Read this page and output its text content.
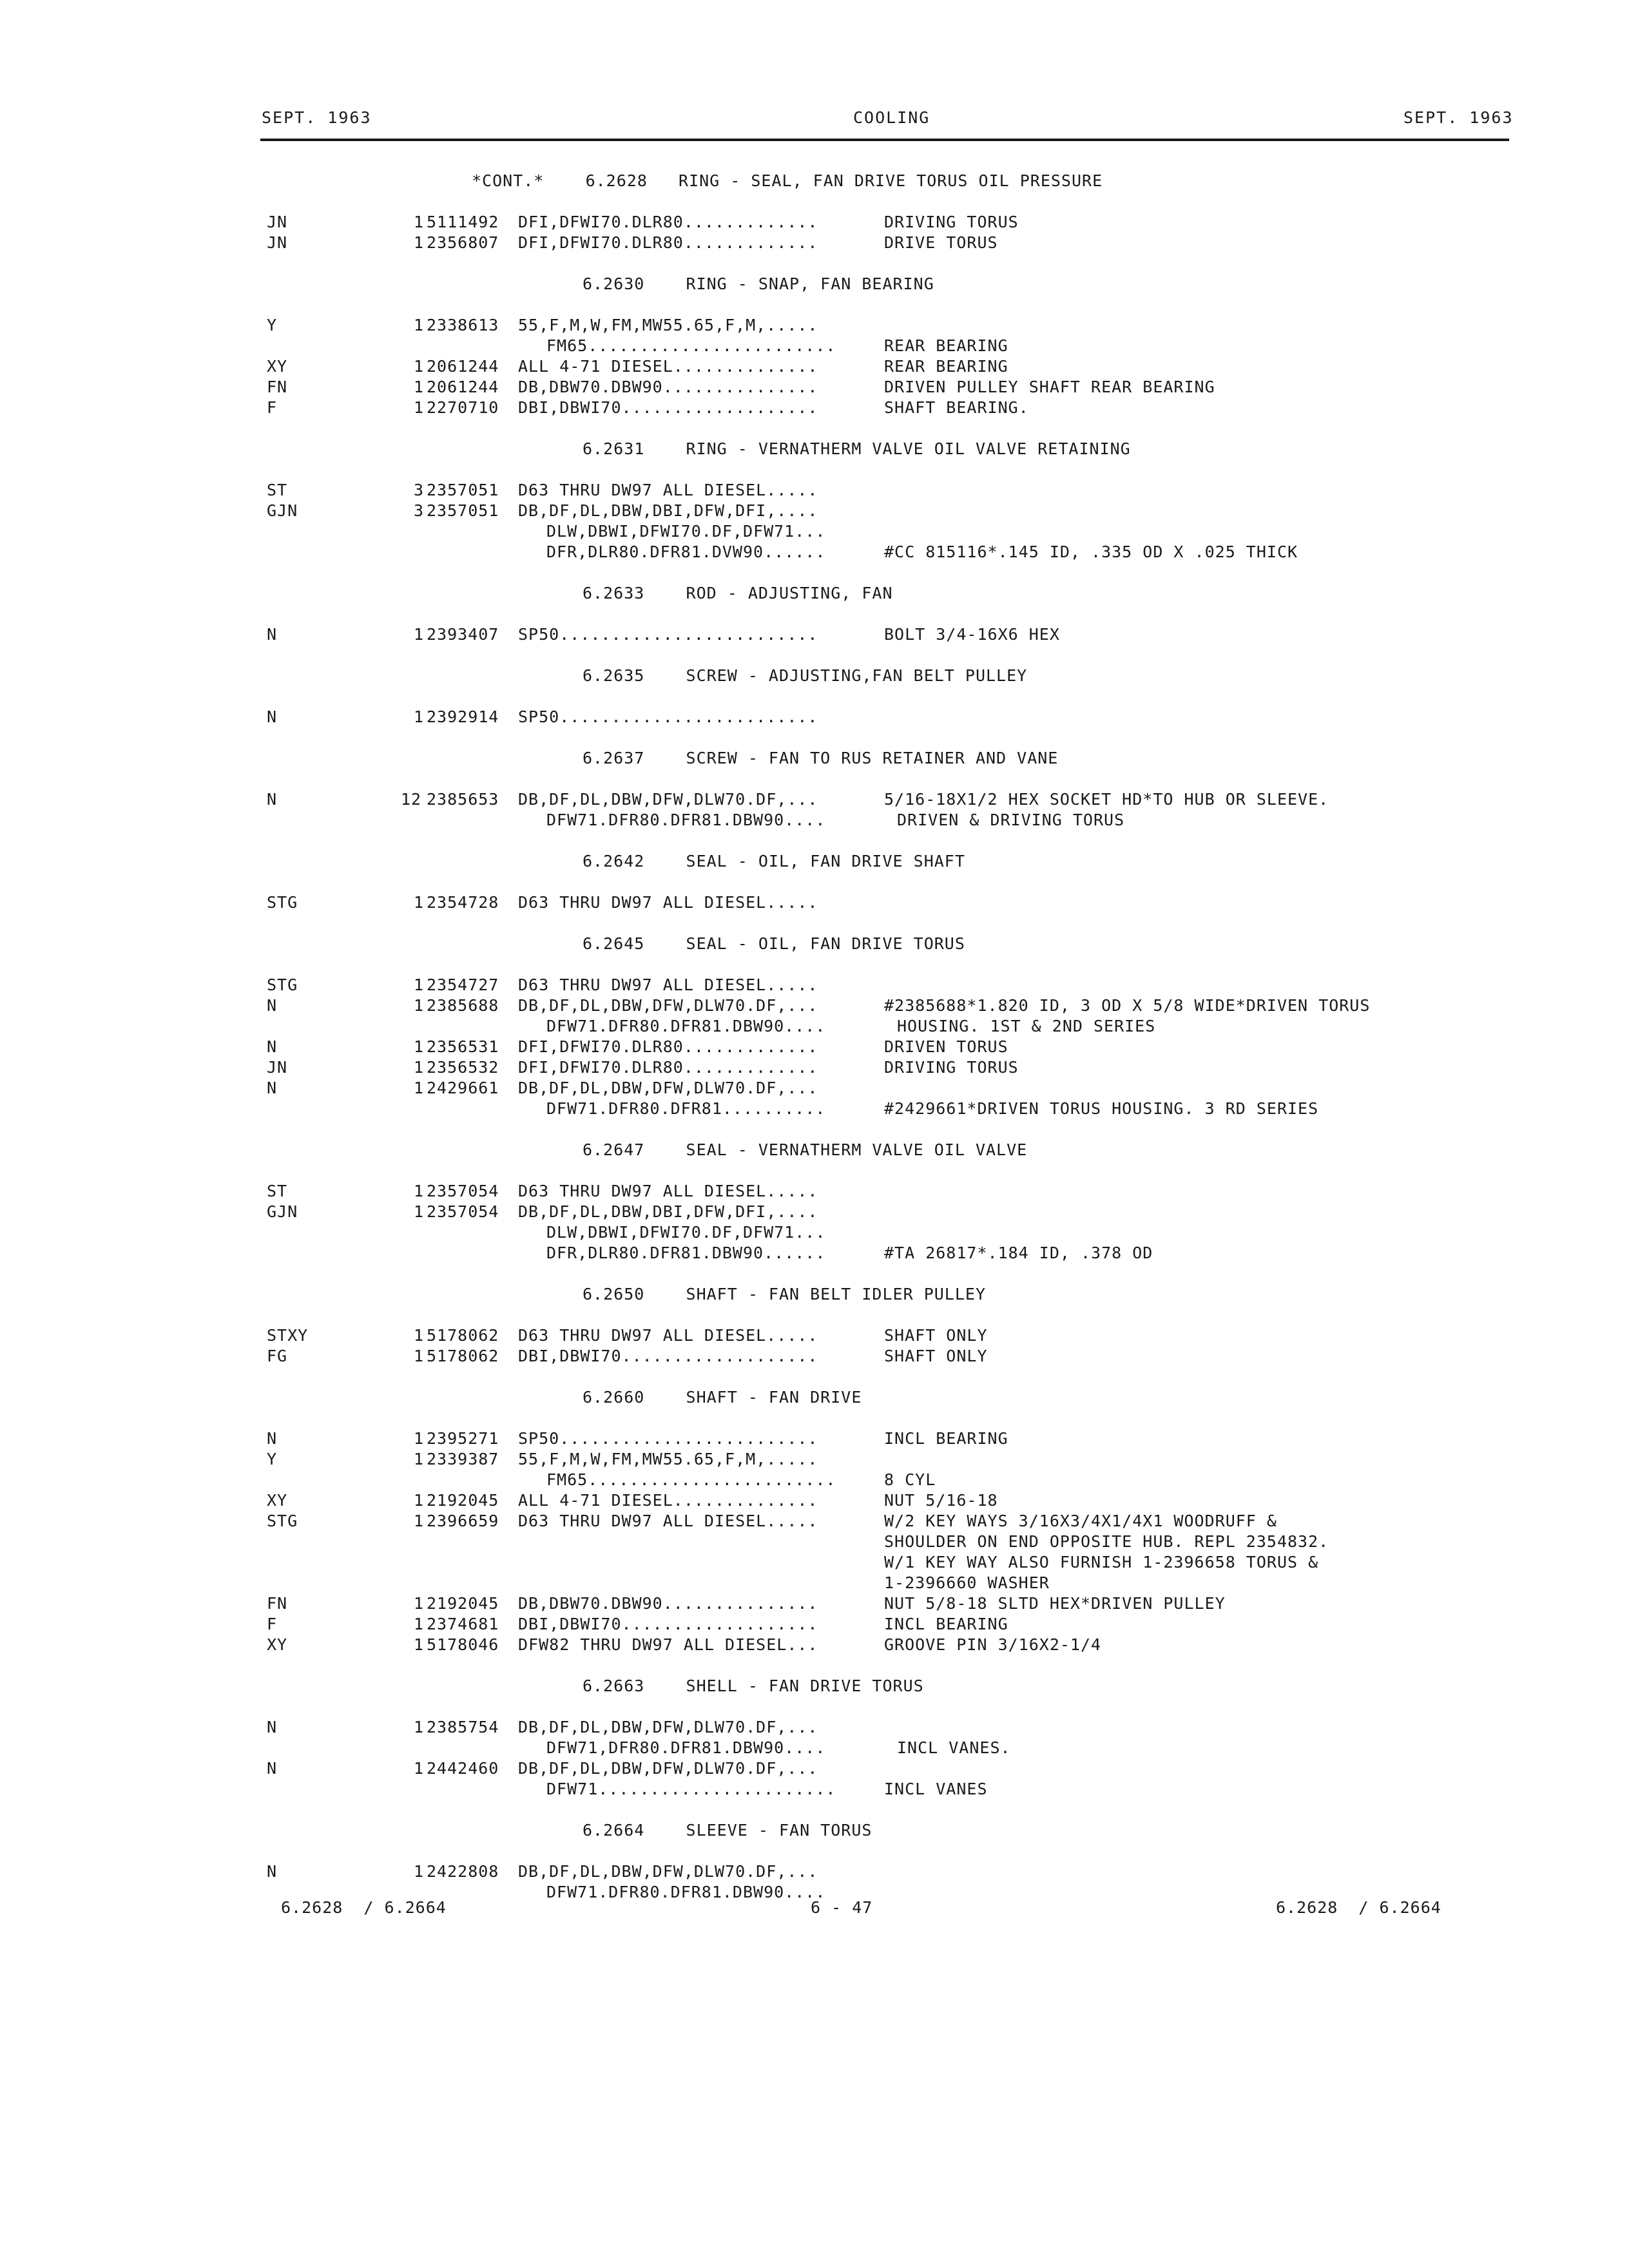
SEPT. 1963	COOLING	SEPT. 1963
*CONT.*    6.2628   RING - SEAL, FAN DRIVE TORUS OIL PRESSURE
JN	1 5111492 DFI,DFWI70.DLR80.............	DRIVING TORUS
JN	1 2356807 DFI,DFWI70.DLR80.............	DRIVE TORUS
6.2630    RING - SNAP, FAN BEARING
Y	1 2338613 55,F,M,W,FM,MW55.65,F,M,.....
FM65........................	REAR BEARING
XY	1 2061244 ALL 4-71 DIESEL..............	REAR BEARING
FN	1 2061244 DB,DBW70.DBW90...............	DRIVEN PULLEY SHAFT REAR BEARING
F	1 2270710 DBI,DBWI70...................	SHAFT BEARING.
6.2631    RING - VERNATHERM VALVE OIL VALVE RETAINING
ST	3 2357051 D63 THRU DW97 ALL DIESEL.....
GJN	3 2357051 DB,DF,DL,DBW,DBI,DFW,DFI,....
DLW,DBWI,DFWI70.DF,DFW71...
DFR,DLR80.DFR81.DVW90......	#CC 815116*.145 ID, .335 OD X .025 THICK
6.2633    ROD - ADJUSTING, FAN
N	1 2393407 SP50.........................	BOLT 3/4-16X6 HEX
6.2635    SCREW - ADJUSTING,FAN BELT PULLEY
N	1 2392914 SP50.........................
6.2637    SCREW - FAN TO RUS RETAINER AND VANE
N	12 2385653 DB,DF,DL,DBW,DFW,DLW70.DF,...	5/16-18X1/2 HEX SOCKET HD*TO HUB OR SLEEVE.
DFW71.DFR80.DFR81.DBW90....	DRIVEN & DRIVING TORUS
6.2642    SEAL - OIL, FAN DRIVE SHAFT
STG	1 2354728 D63 THRU DW97 ALL DIESEL.....
6.2645    SEAL - OIL, FAN DRIVE TORUS
STG	1 2354727 D63 THRU DW97 ALL DIESEL.....
N	1 2385688 DB,DF,DL,DBW,DFW,DLW70.DF,...	#2385688*1.820 ID, 3 OD X 5/8 WIDE*DRIVEN TORUS
DFW71.DFR80.DFR81.DBW90....	HOUSING. 1ST & 2ND SERIES
N	1 2356531 DFI,DFWI70.DLR80.............	DRIVEN TORUS
JN	1 2356532 DFI,DFWI70.DLR80.............	DRIVING TORUS
N	1 2429661 DB,DF,DL,DBW,DFW,DLW70.DF,...
DFW71.DFR80.DFR81..........	#2429661*DRIVEN TORUS HOUSING. 3 RD SERIES
6.2647    SEAL - VERNATHERM VALVE OIL VALVE
ST	1 2357054 D63 THRU DW97 ALL DIESEL.....
GJN	1 2357054 DB,DF,DL,DBW,DBI,DFW,DFI,....
DLW,DBWI,DFWI70.DF,DFW71...
DFR,DLR80.DFR81.DBW90......	#TA 26817*.184 ID, .378 OD
6.2650    SHAFT - FAN BELT IDLER PULLEY
STXY	1 5178062 D63 THRU DW97 ALL DIESEL.....	SHAFT ONLY
FG	1 5178062 DBI,DBWI70...................	SHAFT ONLY
6.2660    SHAFT - FAN DRIVE
N	1 2395271 SP50.........................	INCL BEARING
Y	1 2339387 55,F,M,W,FM,MW55.65,F,M,.....
FM65........................	8 CYL
XY	1 2192045 ALL 4-71 DIESEL..............	NUT 5/16-18
STG	1 2396659 D63 THRU DW97 ALL DIESEL.....	W/2 KEY WAYS 3/16X3/4X1/4X1 WOODRUFF &
SHOULDER ON END OPPOSITE HUB. REPL 2354832.
W/1 KEY WAY ALSO FURNISH 1-2396658 TORUS &
1-2396660 WASHER
FN	1 2192045 DB,DBW70.DBW90...............	NUT 5/8-18 SLTD HEX*DRIVEN PULLEY
F	1 2374681 DBI,DBWI70...................	INCL BEARING
XY	1 5178046 DFW82 THRU DW97 ALL DIESEL...	GROOVE PIN 3/16X2-1/4
6.2663    SHELL - FAN DRIVE TORUS
N	1 2385754 DB,DF,DL,DBW,DFW,DLW70.DF,...
DFW71,DFR80.DFR81.DBW90....	INCL VANES.
N	1 2442460 DB,DF,DL,DBW,DFW,DLW70.DF,...
DFW71.......................	INCL VANES
6.2664    SLEEVE - FAN TORUS
N	1 2422808 DB,DF,DL,DBW,DFW,DLW70.DF,...
DFW71.DFR80.DFR81.DBW90....
6.2628  / 6.2664	6 - 47	6.2628  / 6.2664
